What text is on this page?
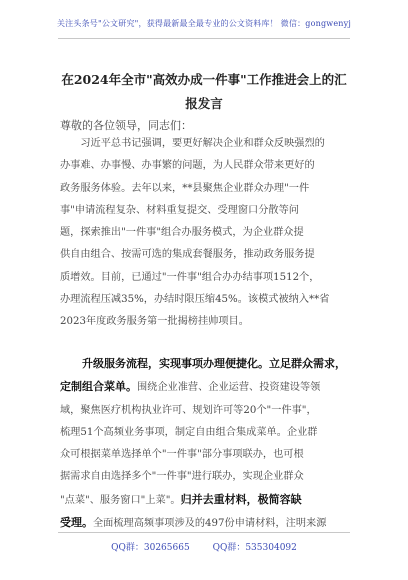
关注头条号"公文研究"，获得最新最全最专业的公文资料库！ 微信：gongwenyj
在2024年全市"高效办成一件事"工作推进会上的汇报发言
尊敬的各位领导，同志们：
　　习近平总书记强调，要更好解决企业和群众反映强烈的
办事难、办事慢、办事繁的问题，为人民群众带来更好的
政务服务体验。去年以来，**县聚焦企业群众办理"一件
事"申请流程复杂、材料重复提交、受理窗口分散等问
题，探索推出"一件事"组合办服务模式，为企业群众提
供自由组合、按需可选的集成套餐服务，推动政务服务提
质增效。目前，已通过"一件事"组合办办结事项1512个，
办理流程压减35%，办结时限压缩45%。该模式被纳入**省
2023年度政务服务第一批揭榜挂帅项目。
　　升级服务流程，实现事项办理便捷化。立足群众需求，
定制组合菜单。围绕企业准营、企业运营、投资建设等领
域，聚焦医疗机构执业许可、规划许可等20个"一件事"，
梳理51个高频业务事项，制定自由组合集成菜单。企业群
众可根据菜单选择单个"一件事"部分事项联办，也可根
据需求自由选择多个"一件事"进行联办，实现企业群众
"点菜"、服务窗口"上菜"。归并去重材料，极简容缺
受理。全面梳理高频事项涉及的497份申请材料，注明来源
QQ群：30265665	QQ群：535304092
